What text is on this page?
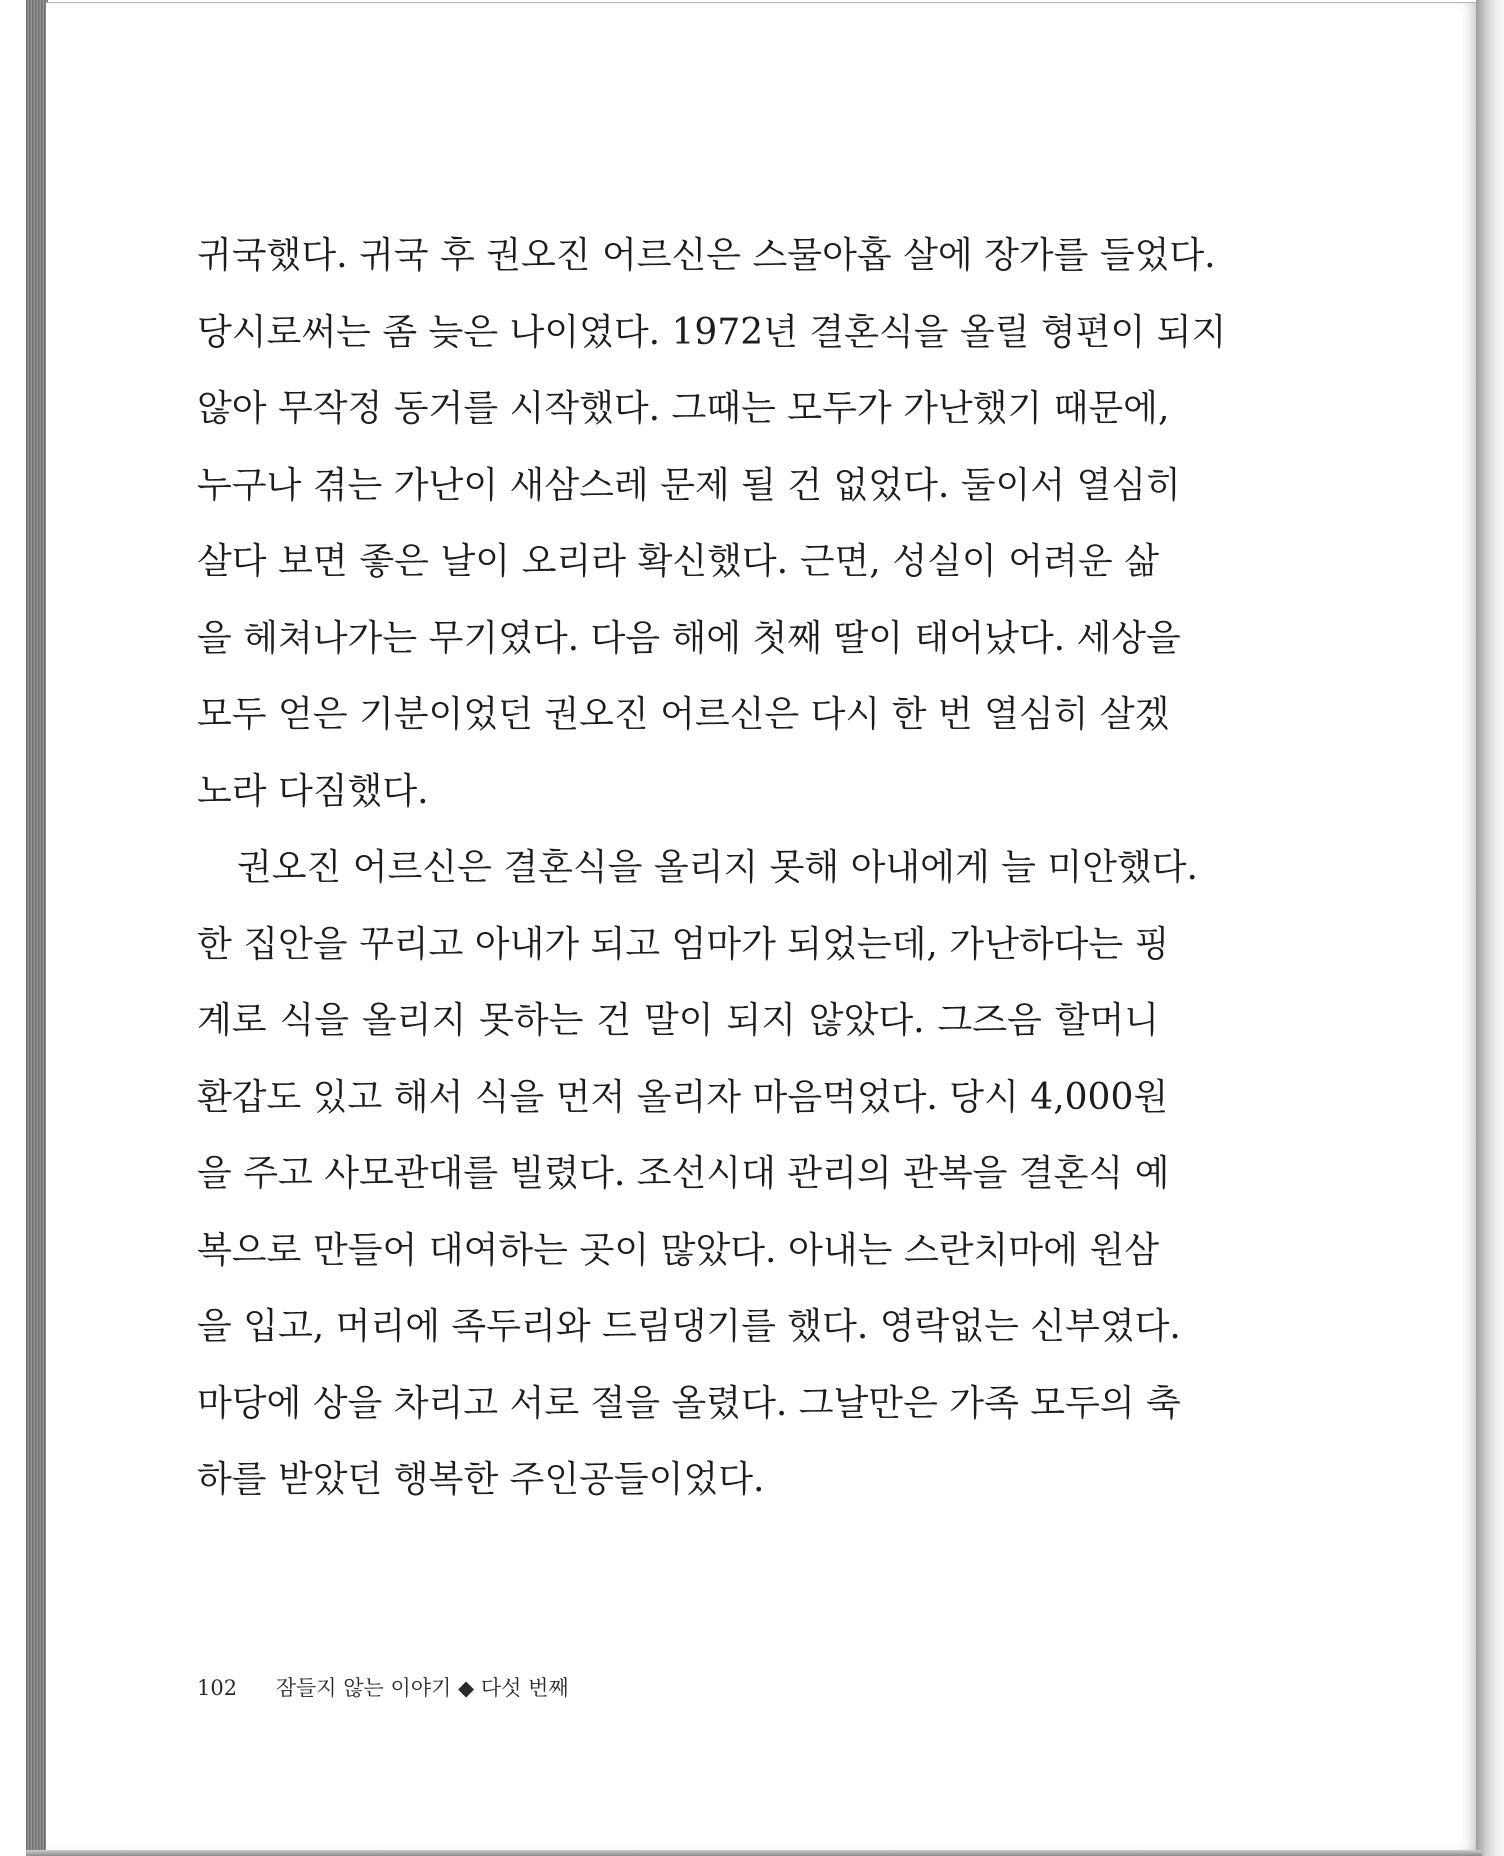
귀국했다. 귀국 후 권오진 어르신은 스물아홉 살에 장가를 들었다.
당시로써는 좀 늦은 나이였다. 1972년 결혼식을 올릴 형편이 되지
않아 무작정 동거를 시작했다. 그때는 모두가 가난했기 때문에,
누구나 겪는 가난이 새삼스레 문제 될 건 없었다. 둘이서 열심히
살다 보면 좋은 날이 오리라 확신했다. 근면, 성실이 어려운 삶
을 헤쳐나가는 무기였다. 다음 해에 첫째 딸이 태어났다. 세상을
모두 얻은 기분이었던 권오진 어르신은 다시 한 번 열심히 살겠
노라 다짐했다.
권오진 어르신은 결혼식을 올리지 못해 아내에게 늘 미안했다.
한 집안을 꾸리고 아내가 되고 엄마가 되었는데, 가난하다는 핑
계로 식을 올리지 못하는 건 말이 되지 않았다. 그즈음 할머니
환갑도 있고 해서 식을 먼저 올리자 마음먹었다. 당시 4,000원
을 주고 사모관대를 빌렸다. 조선시대 관리의 관복을 결혼식 예
복으로 만들어 대여하는 곳이 많았다. 아내는 스란치마에 원삼
을 입고, 머리에 족두리와 드림댕기를 했다. 영락없는 신부였다.
마당에 상을 차리고 서로 절을 올렸다. 그날만은 가족 모두의 축
하를 받았던 행복한 주인공들이었다.
102 잠들지 않는 이야기 ◆ 다섯 번째
